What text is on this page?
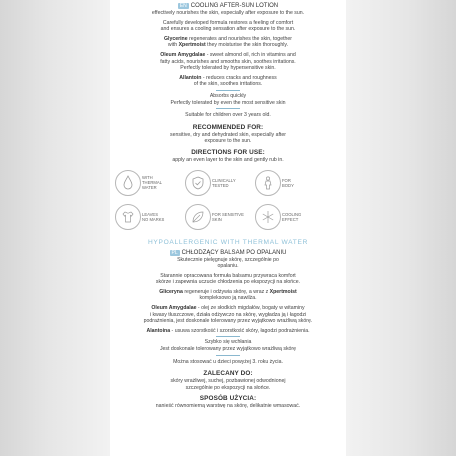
EN COOLING AFTER-SUN LOTION
effectively nourishes the skin, especially after exposure to the sun.
Carefully developed formula restores a feeling of comfort
and ensures a cooling sensation after exposure to the sun.
Glycerine regenerates and nourishes the skin, together
with Xpertmoist they moisturise the skin thoroughly.
Oleum Amygdalae - sweet almond oil, rich in vitamins and
fatty acids, nourishes and smooths skin, soothes irritations.
Perfectly tolerated by hypersensitive skin.
Allantoin - reduces cracks and roughness
of the skin, soothes irritations.
Absorbs quickly
Perfectly tolerated by even the most sensitive skin
Suitable for children over 3 years old.
RECOMMENDED FOR:
sensitive, dry and dehydrated skin, especially after
exposure to the sun.
DIRECTIONS FOR USE:
apply an even layer to the skin and gently rub in.
WITH
THERMAL
WATER
CLINICALLY
TESTED
FOR
BODY
LEAVES
NO MARKS
FOR SENSITIVE
SKIN
COOLING
EFFECT
HYPOALLERGENIC WITH THERMAL WATER
PL CHŁODZĄCY BALSAM PO OPALANIU
Skutecznie pielęgnuje skórę, szczególnie po
opalaniu.
Starannie opracowana formuła balsamu przywraca komfort
skórze i zapewnia uczucie chłodzenia po ekspozycji na słońce.
Gliceryna regeneruje i odżywia skórę, a wraz z Xpertmoist
kompleksowo ją nawilża.
Oleum Amygdalae - olej ze słodkich migdałów, bogaty w witaminy
i kwasy tłuszczowe, działa odżywczo na skórę, wygładza ją i łagodzi
podrażnienia, jest doskonale tolerowany przez wyjątkowo wrażliwą skórę.
Alantoina - usuwa szorstkość i szorstkość skóry, łagodzi podrażnienia.
Szybko się wchłania
Jest doskonale tolerowany przez wyjątkowo wrażliwą skórę
Można stosować u dzieci powyżej 3. roku życia.
ZALECANY DO:
skóry wrażliwej, suchej, pozbawionej odwodnionej
szczególnie po ekspozycji na słońce.
SPOSÓB UŻYCIA:
nanieść równomierną warstwę na skórę, delikatnie wmasować.
